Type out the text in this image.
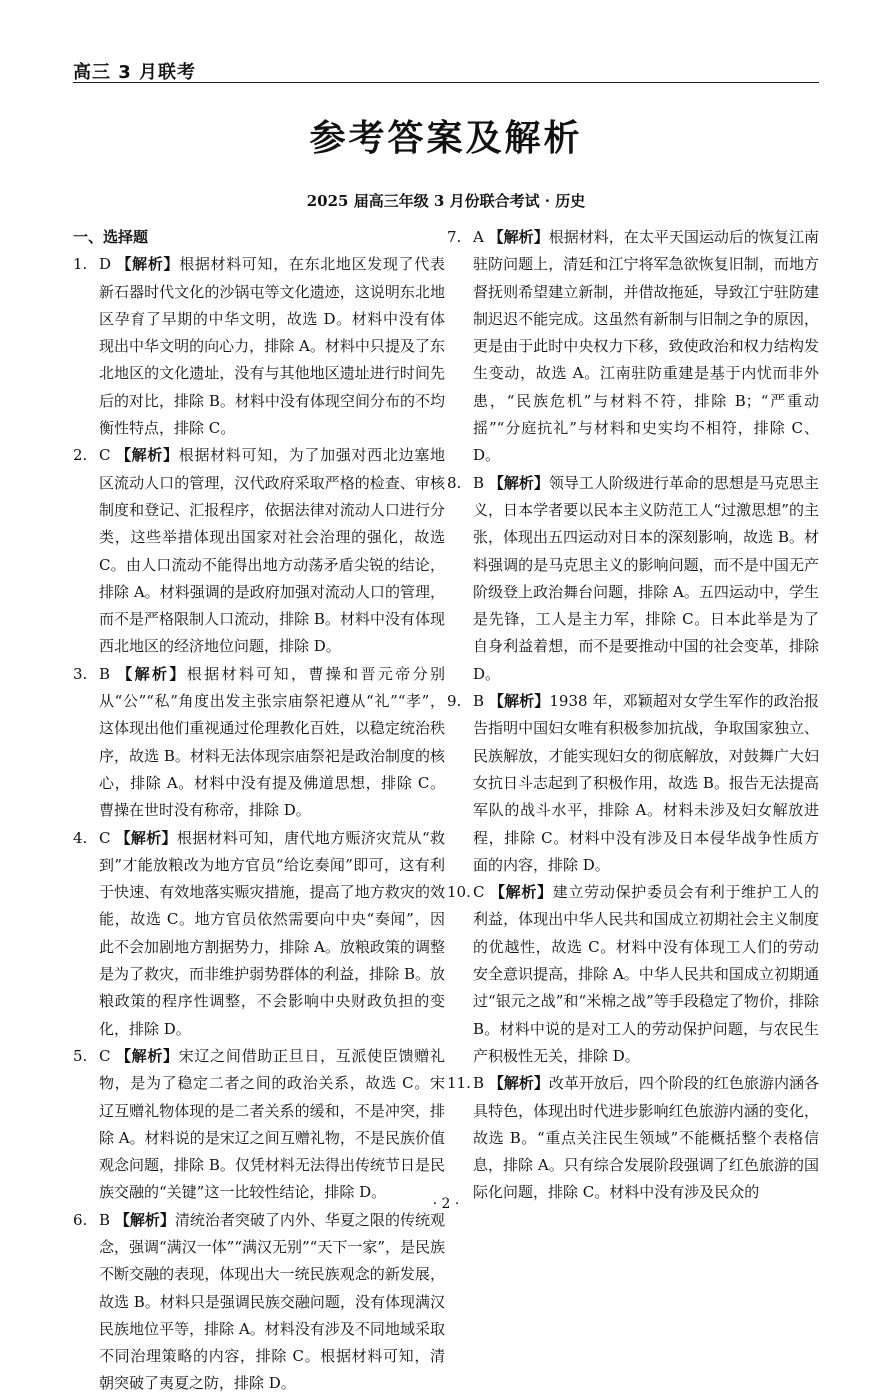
高三 3 月联考
参考答案及解析
2025 届高三年级 3 月份联合考试 · 历史
一、选择题
1. D 【解析】根据材料可知，在东北地区发现了代表新石器时代文化的沙锅屯等文化遗迹，这说明东北地区孕育了早期的中华文明，故选 D。材料中没有体现出中华文明的向心力，排除 A。材料中只提及了东北地区的文化遗址，没有与其他地区遗址进行时间先后的对比，排除 B。材料中没有体现空间分布的不均衡性特点，排除 C。
2. C 【解析】根据材料可知，为了加强对西北边塞地区流动人口的管理，汉代政府采取严格的检查、审核制度和登记、汇报程序，依据法律对流动人口进行分类，这些举措体现出国家对社会治理的强化，故选 C。由人口流动不能得出地方动荡矛盾尖锐的结论，排除 A。材料强调的是政府加强对流动人口的管理，而不是严格限制人口流动，排除 B。材料中没有体现西北地区的经济地位问题，排除 D。
3. B 【解析】根据材料可知，曹操和晋元帝分别从“公”“私”角度出发主张宗庙祭祀遵从“礼”“孝”，这体现出他们重视通过伦理教化百姓，以稳定统治秩序，故选 B。材料无法体现宗庙祭祀是政治制度的核心，排除 A。材料中没有提及佛道思想，排除 C。曹操在世时没有称帝，排除 D。
4. C 【解析】根据材料可知，唐代地方赈济灾荒从“救到”才能放粮改为地方官员“给讫奏闻”即可，这有利于快速、有效地落实赈灾措施，提高了地方救灾的效能，故选 C。地方官员依然需要向中央“奏闻”，因此不会加剧地方割据势力，排除 A。放粮政策的调整是为了救灾，而非维护弱势群体的利益，排除 B。放粮政策的程序性调整，不会影响中央财政负担的变化，排除 D。
5. C 【解析】宋辽之间借助正旦日，互派使臣馈赠礼物，是为了稳定二者之间的政治关系，故选 C。宋辽互赠礼物体现的是二者关系的缓和，不是冲突，排除 A。材料说的是宋辽之间互赠礼物，不是民族价值观念问题，排除 B。仅凭材料无法得出传统节日是民族交融的“关键”这一比较性结论，排除 D。
6. B 【解析】清统治者突破了内外、华夏之限的传统观念，强调“满汉一体”“满汉无别”“天下一家”，是民族不断交融的表现，体现出大一统民族观念的新发展，故选 B。材料只是强调民族交融问题，没有体现满汉民族地位平等，排除 A。材料没有涉及不同地域采取不同治理策略的内容，排除 C。根据材料可知，清朝突破了夷夏之防，排除 D。
7. A 【解析】根据材料，在太平天国运动后的恢复江南驻防问题上，清廷和江宁将军急欲恢复旧制，而地方督抚则希望建立新制，并借故拖延，导致江宁驻防建制迟迟不能完成。这虽然有新制与旧制之争的原因，更是由于此时中央权力下移，致使政治和权力结构发生变动，故选 A。江南驻防重建是基于内忧而非外患，“民族危机”与材料不符，排除 B；“严重动摇”“分庭抗礼”与材料和史实均不相符，排除 C、D。
8. B 【解析】领导工人阶级进行革命的思想是马克思主义，日本学者要以民本主义防范工人“过激思想”的主张，体现出五四运动对日本的深刻影响，故选 B。材料强调的是马克思主义的影响问题，而不是中国无产阶级登上政治舞台问题，排除 A。五四运动中，学生是先锋，工人是主力军，排除 C。日本此举是为了自身利益着想，而不是要推动中国的社会变革，排除 D。
9. B 【解析】1938 年，邓颖超对女学生军作的政治报告指明中国妇女唯有积极参加抗战，争取国家独立、民族解放，才能实现妇女的彻底解放，对鼓舞广大妇女抗日斗志起到了积极作用，故选 B。报告无法提高军队的战斗水平，排除 A。材料未涉及妇女解放进程，排除 C。材料中没有涉及日本侵华战争性质方面的内容，排除 D。
10. C 【解析】建立劳动保护委员会有利于维护工人的利益，体现出中华人民共和国成立初期社会主义制度的优越性，故选 C。材料中没有体现工人们的劳动安全意识提高，排除 A。中华人民共和国成立初期通过“银元之战”和“米棉之战”等手段稳定了物价，排除 B。材料中说的是对工人的劳动保护问题，与农民生产积极性无关，排除 D。
11. B 【解析】改革开放后，四个阶段的红色旅游内涵各具特色，体现出时代进步影响红色旅游内涵的变化，故选 B。“重点关注民生领域”不能概括整个表格信息，排除 A。只有综合发展阶段强调了红色旅游的国际化问题，排除 C。材料中没有涉及民众的
· 2 ·
